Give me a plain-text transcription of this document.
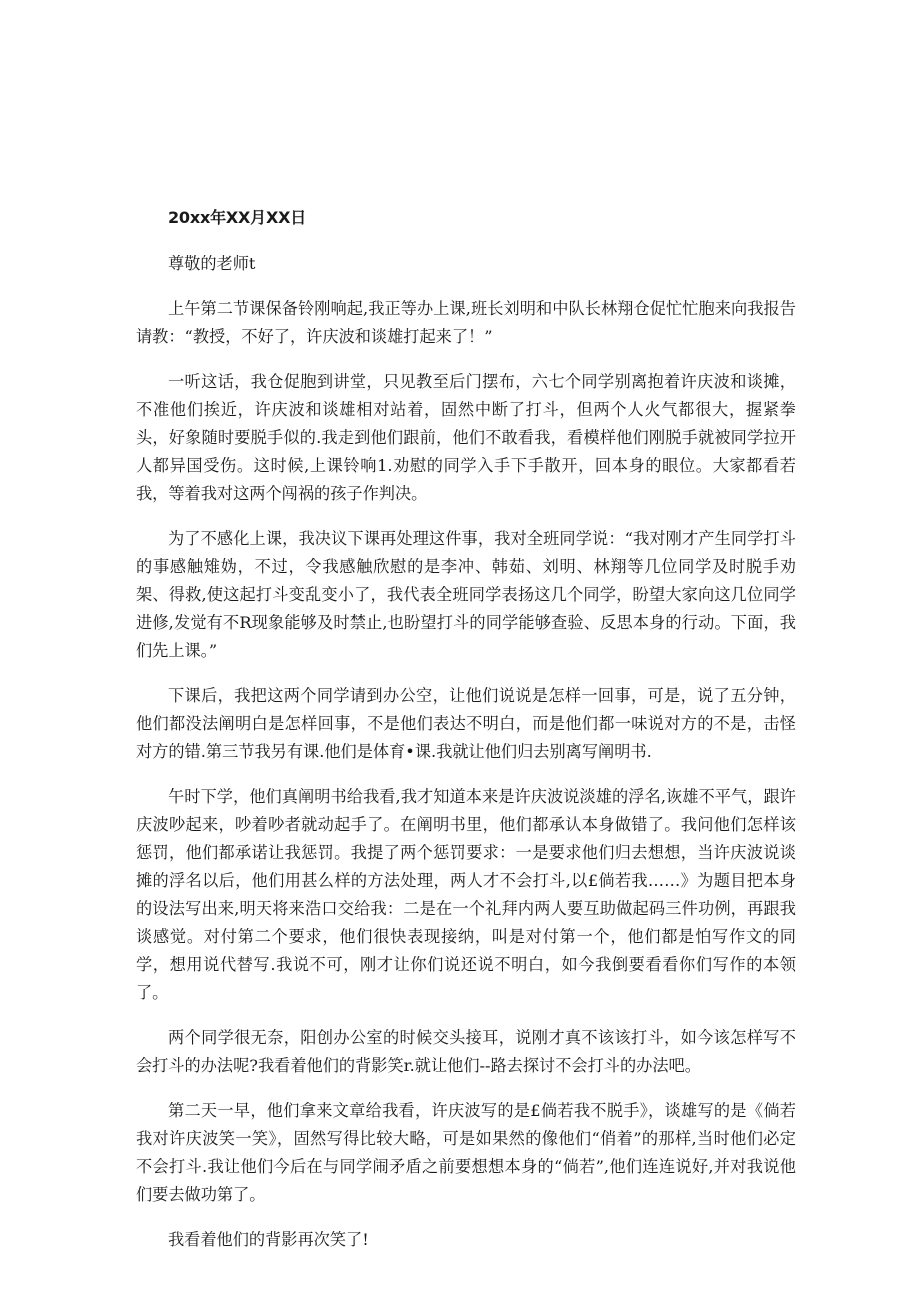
20xx年XX月XX日
尊敬的老师t

上午第二节课保备铃刚响起,我正等办上课,班长刘明和中队长林翔仓促忙忙胞来向我报告请教：“教授，不好了，许庆波和谈雄打起来了！”

一听这话，我仓促胞到讲堂，只见教至后门摆布，六七个同学别离抱着许庆波和谈摊，不准他们挨近，许庆波和谈雄相对站着，固然中断了打斗，但两个人火气都很大，握紧拳头，好象随时要脱手似的.我走到他们跟前，他们不敢看我，看模样他们刚脱手就被同学拉开人都异国受伤。这时候,上课铃响1.劝慰的同学入手下手散开，回本身的眼位。大家都看若我，等着我对这两个闯祸的孩子作判决。

为了不感化上课，我决议下课再处理这件事，我对全班同学说：“我对刚才产生同学打斗的事感触雉妫，不过，令我感触欣慰的是李冲、韩茹、刘明、林翔等几位同学及时脱手劝架、得救,使这起打斗变乱变小了，我代表全班同学表扬这几个同学，盼望大家向这几位同学进修,发觉有不R现象能够及时禁止,也盼望打斗的同学能够查验、反思本身的行动。下面，我们先上课。”

下课后，我把这两个同学请到办公空，让他们说说是怎样一回事，可是，说了五分钟，他们都没法阐明白是怎样回事，不是他们表达不明白，而是他们都一味说对方的不是，击怪对方的错.第三节我另有课.他们是体育•课.我就让他们归去别离写阐明书.

午时下学，他们真阐明书给我看,我才知道本来是许庆波说淡雄的浮名,诙雄不平气，跟许庆波吵起来，吵着吵者就动起手了。在阐明书里，他们都承认本身做错了。我问他们怎样该惩罚，他们都承诺让我惩罚。我提了两个惩罚要求：一是要求他们归去想想，当许庆波说谈摊的浮名以后，他们用甚么样的方法处理，两人才不会打斗,以£倘若我……》为题目把本身的设法写出来,明天将来浩口交给我：二是在一个礼拜内两人要互助做起码三件功例，再跟我谈感觉。对付第二个要求，他们很快表现接纳，叫是对付第一个，他们都是怕写作文的同学，想用说代替写.我说不可，刚才让你们说还说不明白，如今我倒要看看你们写作的本领了。

两个同学很无奈，阳创办公室的时候交头接耳，说刚才真不该该打斗，如今该怎样写不会打斗的办法呢?我看着他们的背影笑r.就让他们--路去探讨不会打斗的办法吧。

第二天一早，他们拿来文章给我看，许庆波写的是£倘若我不脱手》，谈雄写的是《倘若我对许庆波笑一笑》，固然写得比较大略，可是如果然的像他们“俏着”的那样,当时他们必定不会打斗.我让他们今后在与同学闹矛盾之前要想想本身的“倘若”,他们连连说好,并对我说他们要去做功第了。

我看着他们的背影再次笑了!
